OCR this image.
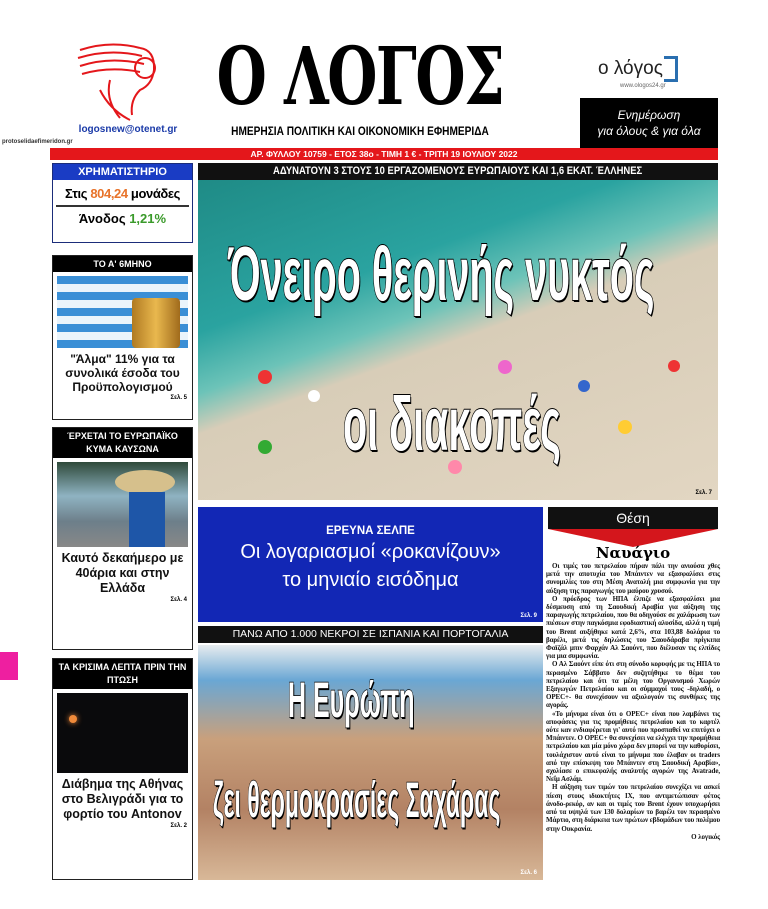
protoselidaefimeridon.gr
logosnew@otenet.gr
ο λόγος
www.ologos24.gr
Ενημέρωση
για όλους & για όλα
ΑΡ. ΦΥΛΛΟΥ 10759 - ΕΤΟΣ 38ο - ΤΙΜΗ 1 € - ΤΡΙΤΗ 19 ΙΟΥΛΙΟΥ 2022
Ο ΛΟΓΟΣ
ΗΜΕΡΗΣΙΑ ΠΟΛΙΤΙΚΗ ΚΑΙ ΟΙΚΟΝΟΜΙΚΗ ΕΦΗΜΕΡΙΔΑ
ΧΡΗΜΑΤΙΣΤΗΡΙΟ
Στις 804,24 μονάδες
Άνοδος 1,21%
ΤΟ Α' 6ΜΗΝΟ
"Άλμα" 11% για τα συνολικά έσοδα του Προϋπολογισμού
Σελ. 5
ΈΡΧΕΤΑΙ ΤΟ ΕΥΡΩΠΑΪΚΟ ΚΥΜΑ ΚΑΥΣΩΝΑ
Καυτό δεκαήμερο με 40άρια και στην Ελλάδα
Σελ. 4
ΤΑ ΚΡΙΣΙΜΑ ΛΕΠΤΑ ΠΡΙΝ ΤΗΝ ΠΤΩΣΗ
Διάβημα της Αθήνας στο Βελιγράδι για το φορτίο του Antonov
Σελ. 2
Όνειρο θερινής νυκτός
οι διακοπές
Σελ. 7
ΑΔΥΝΑΤΟΥΝ 3 ΣΤΟΥΣ 10 ΕΡΓΑΖΟΜΕΝΟΥΣ ΕΥΡΩΠΑΙΟΥΣ ΚΑΙ 1,6 ΕΚΑΤ. ΈΛΛΗΝΕΣ
ΕΡΕΥΝΑ ΣΕΛΠΕ
Οι λογαριασμοί «ροκανίζουν»
το μηνιαίο εισόδημα
Σελ. 9
ΠΑΝΩ ΑΠΟ 1.000 ΝΕΚΡΟΙ ΣΕ ΙΣΠΑΝΙΑ ΚΑΙ ΠΟΡΤΟΓΑΛΙΑ
Η Ευρώπη
ζει θερμοκρασίες Σαχάρας
Σελ. 6
Θέση
Ναυάγιο

Οι τιμές του πετρελαίου πήραν πάλι την ανιούσα χθες μετά την αποτυχία του Μπάιντεν να εξασφαλίσει στις συνομιλίες του στη Μέση Ανατολή μια συμφωνία για την αύξηση της παραγωγής του μαύρου χρυσού.

Ο πρόεδρος των ΗΠΑ έλπιζε να εξασφαλίσει μια δέσμευση από τη Σαουδική Αραβία για αύξηση της παραγωγής πετρελαίου, που θα οδηγούσε σε χαλάρωση των πιέσεων στην παγκόσμια εφοδιαστική αλυσίδα, αλλά η τιμή του Brent αυξήθηκε κατά 2,6%, στα 103,88 δολάρια το βαρέλι, μετά τις δηλώσεις του Σαουδάραβα πρίγκιπα Φαϊζάλ μπιν Φαρχάν Αλ Σαούντ, που διέλυσαν τις ελπίδες για μια συμφωνία.

Ο Αλ Σαούντ είπε ότι στη σύνοδο κορυφής με τις ΗΠΑ το περασμένο Σάββατο δεν συζητήθηκε το θέμα του πετρελαίου και ότι τα μέλη του Οργανισμού Χωρών Εξαγωγών Πετρελαίου και οι σύμμαχοί τους -δηλαδή, ο OPEC+- θα συνεχίσουν να αξιολογούν τις συνθήκες της αγοράς.

«Το μήνυμα είναι ότι ο OPEC+ είναι που λαμβάνει τις αποφάσεις για τις προμήθειες πετρελαίου και το καρτέλ ούτε καν ενδιαφέρεται γι' αυτό που προσπαθεί να επιτύχει ο Μπάιντεν. Ο OPEC+ θα συνεχίσει να ελέγχει την προμήθεια πετρελαίου και μία μόνο χώρα δεν μπορεί να την καθορίσει, τουλάχιστον αυτό είναι το μήνυμα που έλαβαν οι traders από την επίσκεψη του Μπάιντεν στη Σαουδική Αραβία», σχολίασε ο επικεφαλής αναλυτής αγορών της Avatrade, Νεΐμ Ασλάμ.

Η αύξηση των τιμών του πετρελαίου συνεχίζει να ασκεί πίεση στους ιδιοκτήτες ΙΧ, που αντιμετώπισαν φέτος άνοδο-ρεκόρ, αν και οι τιμές του Brent έχουν υποχωρήσει από τα υψηλά των 130 δολαρίων το βαρέλι τον περασμένο Μάρτιο, στη διάρκεια των πρώτων εβδομάδων του πολέμου στην Ουκρανία.

Ο λογικός
